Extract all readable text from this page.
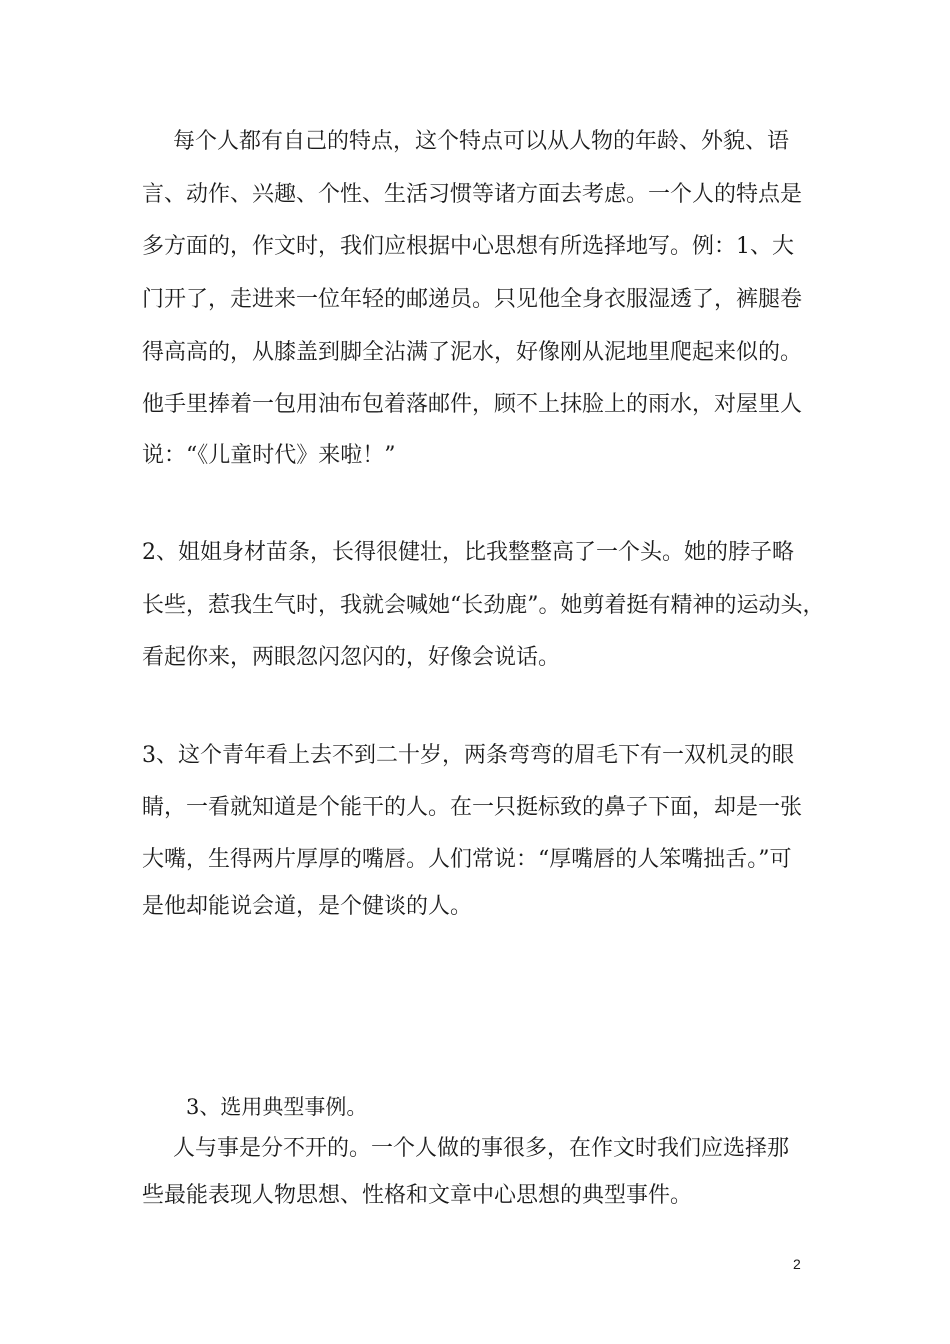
每个人都有自己的特点，这个特点可以从人物的年龄、外貌、语
言、动作、兴趣、个性、生活习惯等诸方面去考虑。一个人的特点是
多方面的，作文时，我们应根据中心思想有所选择地写。例：1、大
门开了，走进来一位年轻的邮递员。只见他全身衣服湿透了，裤腿卷
得高高的，从膝盖到脚全沾满了泥水，好像刚从泥地里爬起来似的。
他手里捧着一包用油布包着落邮件，顾不上抹脸上的雨水，对屋里人
说：“《儿童时代》来啦！”
2、姐姐身材苗条，长得很健壮，比我整整高了一个头。她的脖子略
长些，惹我生气时，我就会喊她“长劲鹿”。她剪着挺有精神的运动头，
看起你来，两眼忽闪忽闪的，好像会说话。
3、这个青年看上去不到二十岁，两条弯弯的眉毛下有一双机灵的眼
睛，一看就知道是个能干的人。在一只挺标致的鼻子下面，却是一张
大嘴，生得两片厚厚的嘴唇。人们常说：“厚嘴唇的人笨嘴拙舌。”可
是他却能说会道，是个健谈的人。
3、选用典型事例。
人与事是分不开的。一个人做的事很多，在作文时我们应选择那
些最能表现人物思想、性格和文章中心思想的典型事件。
2
